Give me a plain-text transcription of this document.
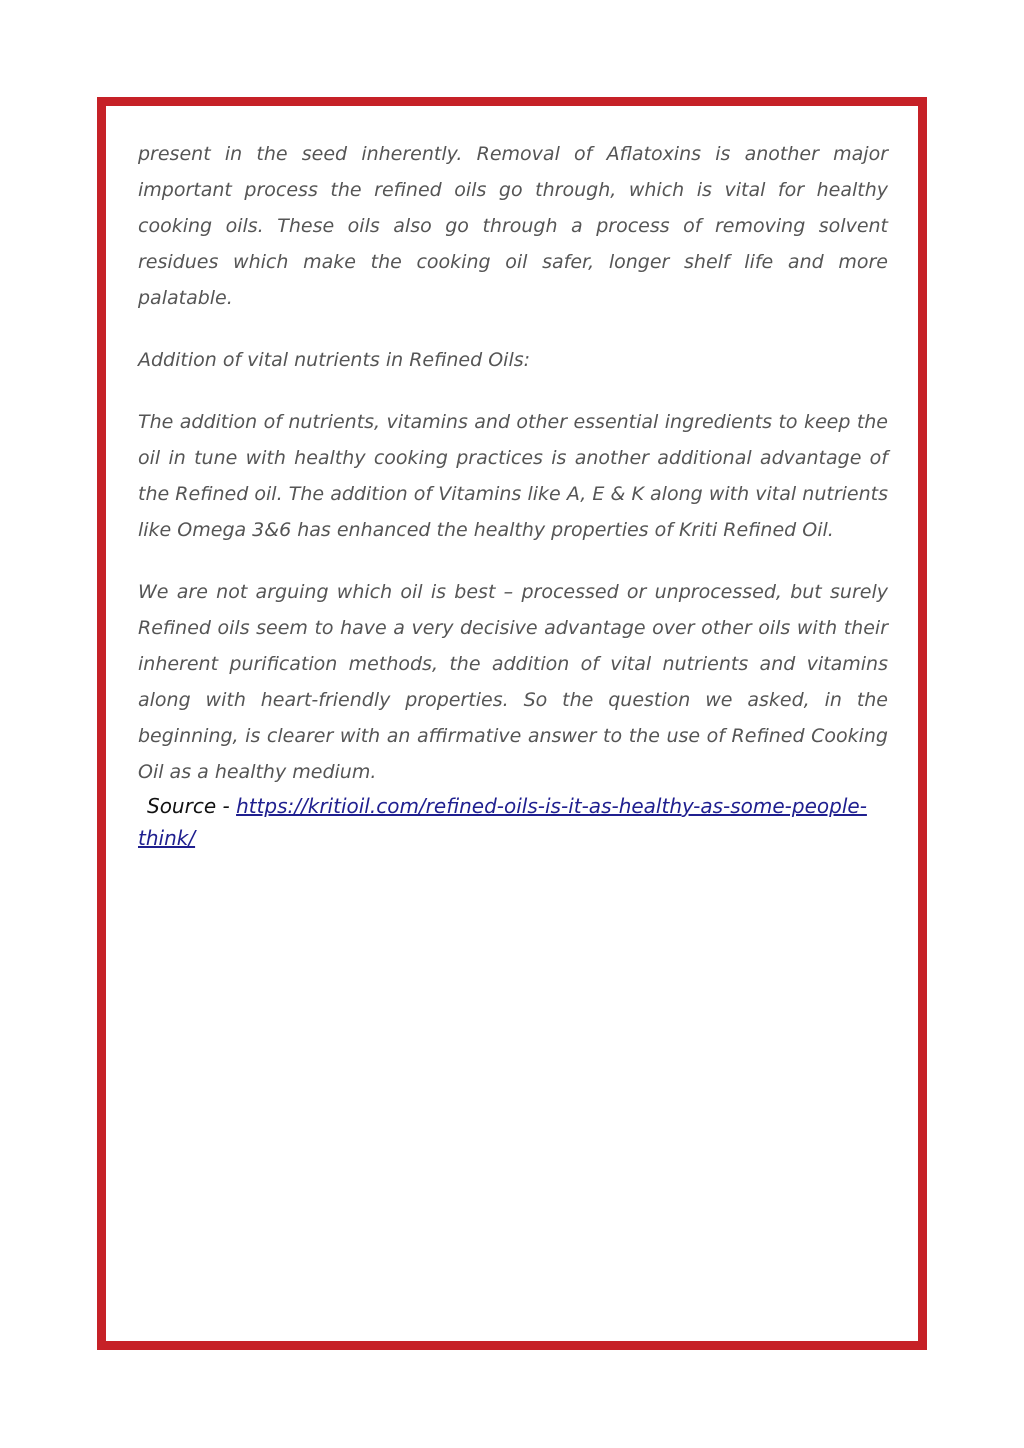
present in the seed inherently. Removal of Aflatoxins is another major important process the refined oils go through, which is vital for healthy cooking oils. These oils also go through a process of removing solvent residues which make the cooking oil safer, longer shelf life and more palatable.

Addition of vital nutrients in Refined Oils:

The addition of nutrients, vitamins and other essential ingredients to keep the oil in tune with healthy cooking practices is another additional advantage of the Refined oil. The addition of Vitamins like A, E & K along with vital nutrients like Omega 3&6 has enhanced the healthy properties of Kriti Refined Oil.

We are not arguing which oil is best – processed or unprocessed, but surely Refined oils seem to have a very decisive advantage over other oils with their inherent purification methods, the addition of vital nutrients and vitamins along with heart-friendly properties. So the question we asked, in the beginning, is clearer with an affirmative answer to the use of Refined Cooking Oil as a healthy medium.

Source - https://kritioil.com/refined-oils-is-it-as-healthy-as-some-people-think/
